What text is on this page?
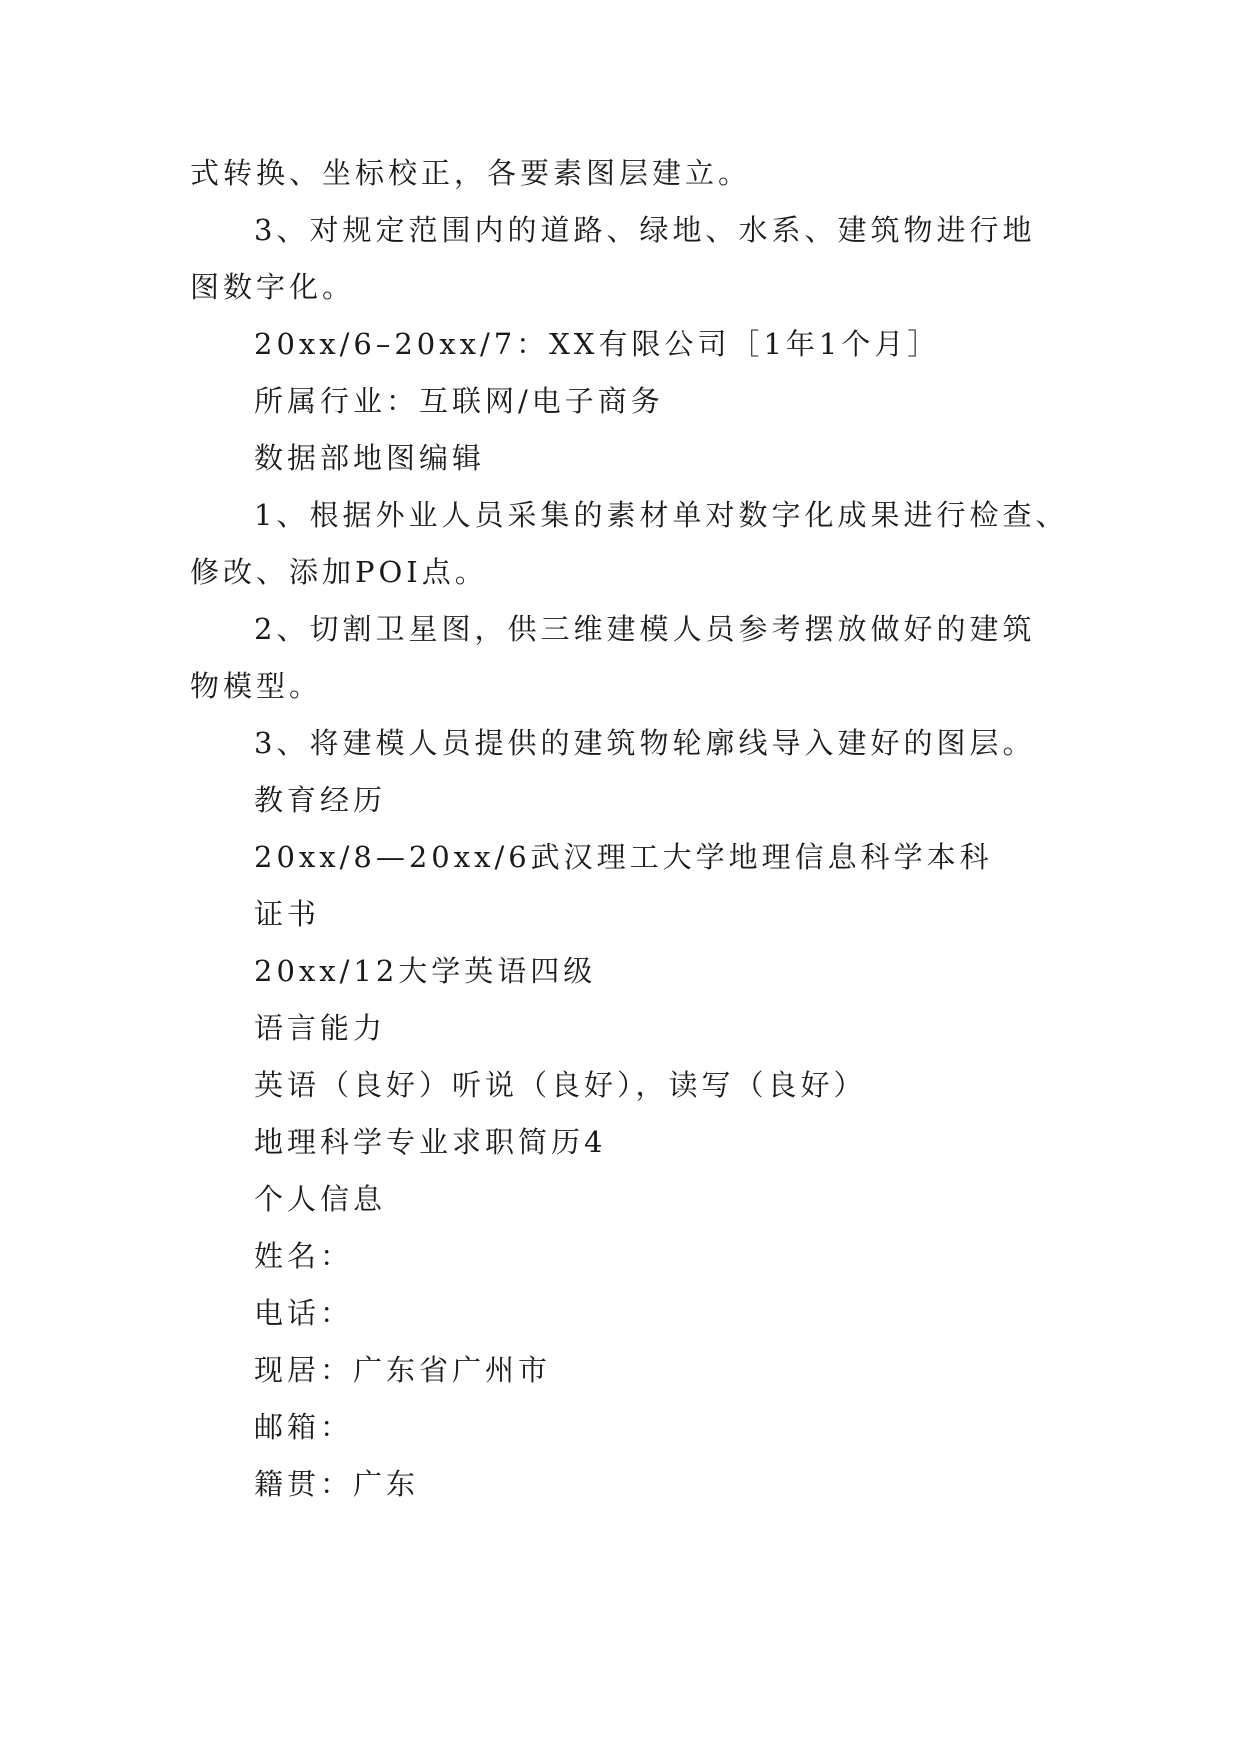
式转换、坐标校正，各要素图层建立。
3、对规定范围内的道路、绿地、水系、建筑物进行地
图数字化。
20xx/6–20xx/7：XX有限公司［1年1个月］
所属行业：互联网/电子商务
数据部地图编辑
1、根据外业人员采集的素材单对数字化成果进行检查、
修改、添加POI点。
2、切割卫星图，供三维建模人员参考摆放做好的建筑
物模型。
3、将建模人员提供的建筑物轮廓线导入建好的图层。
教育经历
20xx/8—20xx/6武汉理工大学地理信息科学本科
证书
20xx/12大学英语四级
语言能力
英语（良好）听说（良好），读写（良好）
地理科学专业求职简历4
个人信息
姓名：
电话：
现居：广东省广州市
邮箱：
籍贯：广东
